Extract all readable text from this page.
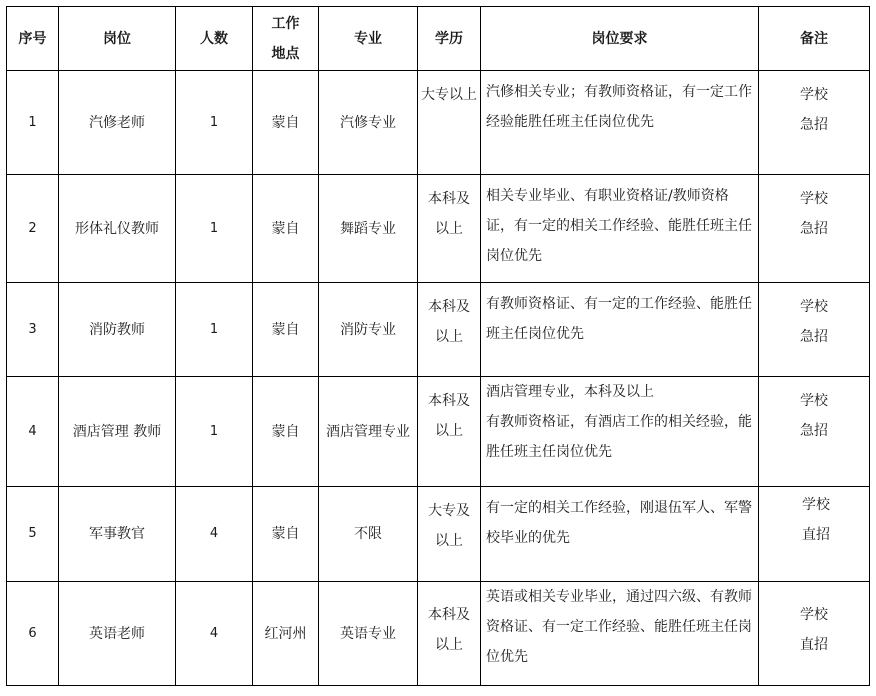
序号	岗位	人数	工作地点	专业	学历	岗位要求	备注
1	汽修老师	1	蒙自	汽修专业	大专以上	汽修相关专业；有教师资格证，有一定工作经验能胜任班主任岗位优先	学校急招

2	形体礼仪教师	1	蒙自	舞蹈专业	本科及以上	相关专业毕业、有职业资格证/教师资格证，有一定的相关工作经验、能胜任班主任岗位优先	学校急招

3	消防教师	1	蒙自	消防专业	本科及以上	有教师资格证、有一定的工作经验、能胜任班主任岗位优先	学校急招

4	酒店管理 教师	1	蒙自	酒店管理专业	本科及以上	酒店管理专业，本科及以上
有教师资格证，有酒店工作的相关经验，能胜任班主任岗位优先	学校急招

5	军事教官	4	蒙自	不限	大专及以上	有一定的相关工作经验，刚退伍军人、军警校毕业的优先	学校直招

6	英语老师	4	红河州	英语专业	本科及以上	英语或相关专业毕业，通过四六级、有教师资格证、有一定工作经验、能胜任班主任岗位优先	学校直招
